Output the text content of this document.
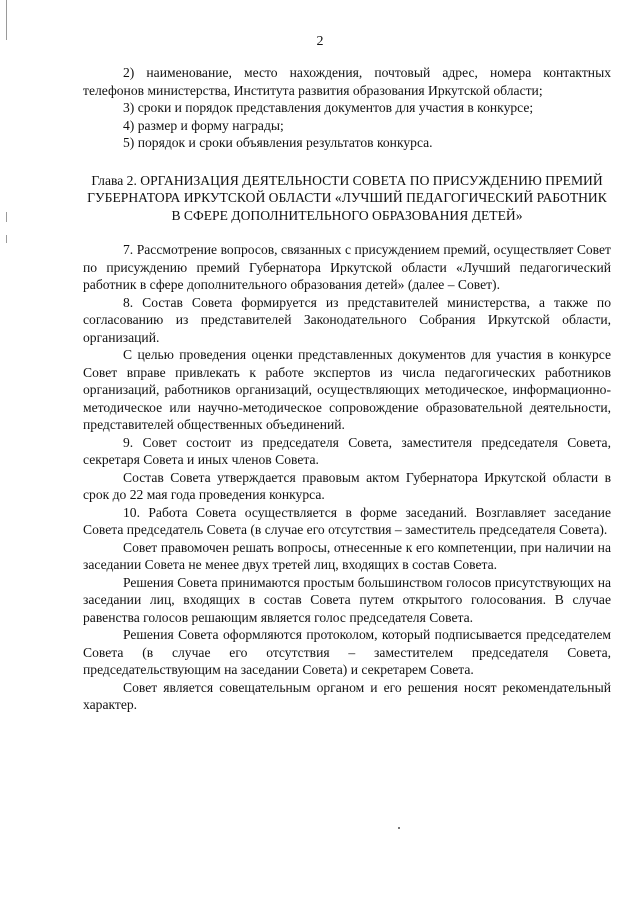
2
2) наименование, место нахождения, почтовый адрес, номера контактных телефонов министерства, Института развития образования Иркутской области;
3) сроки и порядок представления документов для участия в конкурсе;
4) размер и форму награды;
5) порядок и сроки объявления результатов конкурса.
Глава 2. ОРГАНИЗАЦИЯ ДЕЯТЕЛЬНОСТИ СОВЕТА ПО ПРИСУЖДЕНИЮ ПРЕМИЙ ГУБЕРНАТОРА ИРКУТСКОЙ ОБЛАСТИ «ЛУЧШИЙ ПЕДАГОГИЧЕСКИЙ РАБОТНИК В СФЕРЕ ДОПОЛНИТЕЛЬНОГО ОБРАЗОВАНИЯ ДЕТЕЙ»

7. Рассмотрение вопросов, связанных с присуждением премий, осуществляет Совет по присуждению премий Губернатора Иркутской области «Лучший педагогический работник в сфере дополнительного образования детей» (далее – Совет).

8. Состав Совета формируется из представителей министерства, а также по согласованию из представителей Законодательного Собрания Иркутской области, организаций.

С целью проведения оценки представленных документов для участия в конкурсе Совет вправе привлекать к работе экспертов из числа педагогических работников организаций, работников организаций, осуществляющих методическое, информационно-методическое или научно-методическое сопровождение образовательной деятельности, представителей общественных объединений.

9. Совет состоит из председателя Совета, заместителя председателя Совета, секретаря Совета и иных членов Совета.

Состав Совета утверждается правовым актом Губернатора Иркутской области в срок до 22 мая года проведения конкурса.

10. Работа Совета осуществляется в форме заседаний. Возглавляет заседание Совета председатель Совета (в случае его отсутствия – заместитель председателя Совета).

Совет правомочен решать вопросы, отнесенные к его компетенции, при наличии на заседании Совета не менее двух третей лиц, входящих в состав Совета.

Решения Совета принимаются простым большинством голосов присутствующих на заседании лиц, входящих в состав Совета путем открытого голосования. В случае равенства голосов решающим является голос председателя Совета.

Решения Совета оформляются протоколом, который подписывается председателем Совета (в случае его отсутствия – заместителем председателя Совета, председательствующим на заседании Совета) и секретарем Совета.

Совет является совещательным органом и его решения носят рекомендательный характер.
